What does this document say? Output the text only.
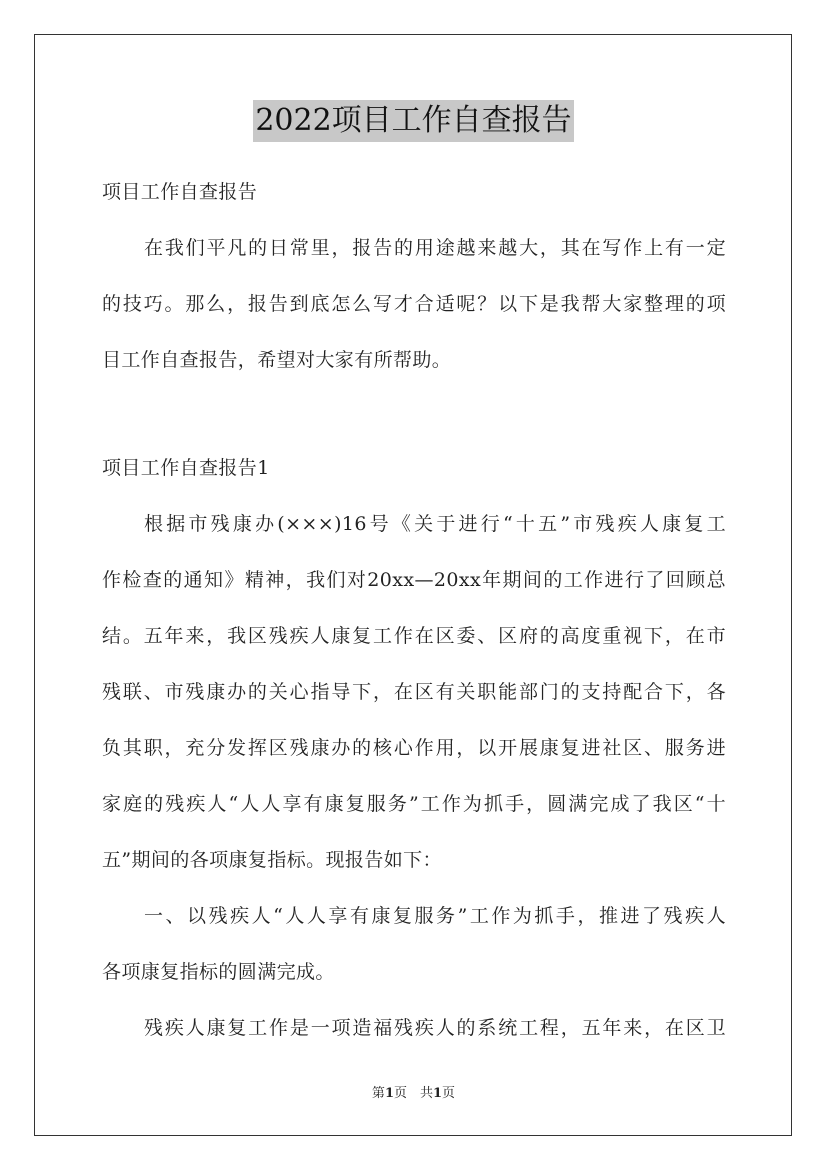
2022项目工作自查报告
项目工作自查报告
在我们平凡的日常里，报告的用途越来越大，其在写作上有一定
的技巧。那么，报告到底怎么写才合适呢？以下是我帮大家整理的项
目工作自查报告，希望对大家有所帮助。
项目工作自查报告1
根据市残康办(×××)16号《关于进行“十五”市残疾人康复工
作检查的通知》精神，我们对20xx—20xx年期间的工作进行了回顾总
结。五年来，我区残疾人康复工作在区委、区府的高度重视下，在市
残联、市残康办的关心指导下，在区有关职能部门的支持配合下，各
负其职，充分发挥区残康办的核心作用，以开展康复进社区、服务进
家庭的残疾人“人人享有康复服务”工作为抓手，圆满完成了我区“十
五”期间的各项康复指标。现报告如下：
一、以残疾人“人人享有康复服务”工作为抓手，推进了残疾人
各项康复指标的圆满完成。
残疾人康复工作是一项造福残疾人的系统工程，五年来，在区卫
第1页　共1页
